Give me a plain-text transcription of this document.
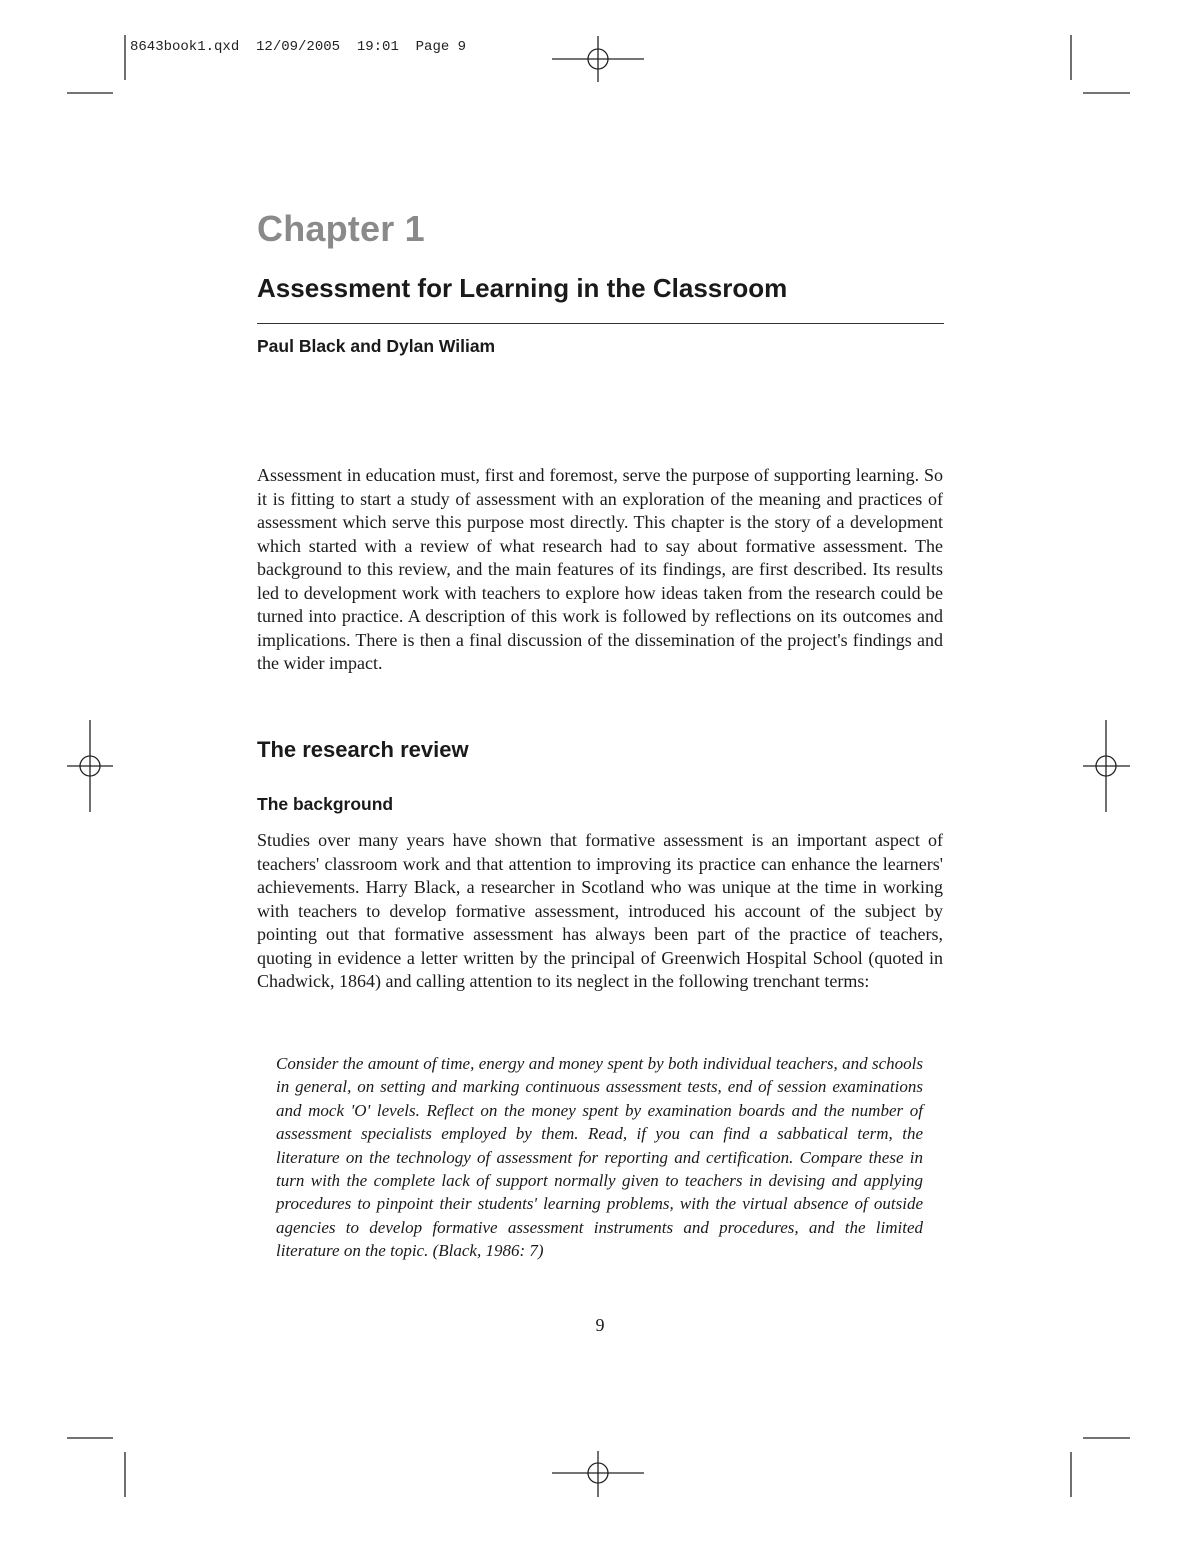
8643book1.qxd  12/09/2005  19:01  Page 9
Chapter 1
Assessment for Learning in the Classroom
Paul Black and Dylan Wiliam

Assessment in education must, first and foremost, serve the purpose of supporting learning. So it is fitting to start a study of assessment with an exploration of the meaning and practices of assessment which serve this purpose most directly. This chapter is the story of a development which started with a review of what research had to say about formative assessment. The background to this review, and the main features of its findings, are first described. Its results led to development work with teachers to explore how ideas taken from the research could be turned into practice. A description of this work is followed by reflections on its outcomes and implications. There is then a final discussion of the dissemination of the project's findings and the wider impact.

The research review
The background

Studies over many years have shown that formative assessment is an important aspect of teachers' classroom work and that attention to improving its practice can enhance the learners' achievements. Harry Black, a researcher in Scotland who was unique at the time in working with teachers to develop formative assessment, introduced his account of the subject by pointing out that formative assessment has always been part of the practice of teachers, quoting in evidence a letter written by the principal of Greenwich Hospital School (quoted in Chadwick, 1864) and calling attention to its neglect in the following trenchant terms:

Consider the amount of time, energy and money spent by both individual teachers, and schools in general, on setting and marking continuous assessment tests, end of session examinations and mock 'O' levels. Reflect on the money spent by examination boards and the number of assessment specialists employed by them. Read, if you can find a sabbatical term, the literature on the technology of assessment for reporting and certification. Compare these in turn with the complete lack of support normally given to teachers in devising and applying procedures to pinpoint their students' learning problems, with the virtual absence of outside agencies to develop formative assessment instruments and procedures, and the limited literature on the topic. (Black, 1986: 7)

9
